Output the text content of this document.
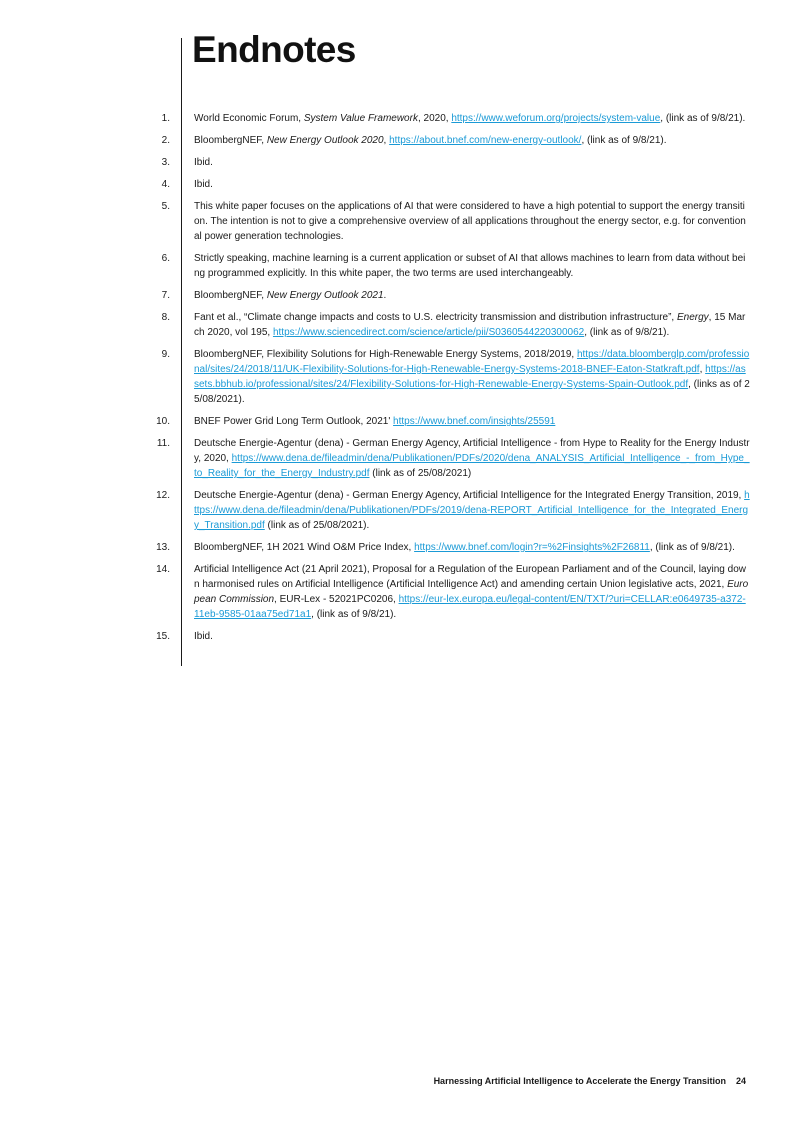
Endnotes
1.	World Economic Forum, System Value Framework, 2020, https://www.weforum.org/projects/system-value, (link as of 9/8/21).
2.	BloombergNEF, New Energy Outlook 2020, https://about.bnef.com/new-energy-outlook/, (link as of 9/8/21).
3.	Ibid.
4.	Ibid.
5.	This white paper focuses on the applications of AI that were considered to have a high potential to support the energy transition. The intention is not to give a comprehensive overview of all applications throughout the energy sector, e.g. for conventional power generation technologies.
6.	Strictly speaking, machine learning is a current application or subset of AI that allows machines to learn from data without being programmed explicitly. In this white paper, the two terms are used interchangeably.
7.	BloombergNEF, New Energy Outlook 2021.
8.	Fant et al., “Climate change impacts and costs to U.S. electricity transmission and distribution infrastructure”, Energy, 15 March 2020, vol 195, https://www.sciencedirect.com/science/article/pii/S0360544220300062, (link as of 9/8/21).
9.	BloombergNEF, Flexibility Solutions for High-Renewable Energy Systems, 2018/2019, https://data.bloomberglp.com/professional/sites/24/2018/11/UK-Flexibility-Solutions-for-High-Renewable-Energy-Systems-2018-BNEF-Eaton-Statkraft.pdf, https://assets.bbhub.io/professional/sites/24/Flexibility-Solutions-for-High-Renewable-Energy-Systems-Spain-Outlook.pdf, (links as of 25/08/2021).
10.	BNEF Power Grid Long Term Outlook, 2021' https://www.bnef.com/insights/25591
11.	Deutsche Energie-Agentur (dena) - German Energy Agency, Artificial Intelligence - from Hype to Reality for the Energy Industry, 2020, https://www.dena.de/fileadmin/dena/Publikationen/PDFs/2020/dena_ANALYSIS_Artificial_Intelligence_-_from_Hype_to_Reality_for_the_Energy_Industry.pdf (link as of 25/08/2021)
12.	Deutsche Energie-Agentur (dena) - German Energy Agency, Artificial Intelligence for the Integrated Energy Transition, 2019, https://www.dena.de/fileadmin/dena/Publikationen/PDFs/2019/dena-REPORT_Artificial_Intelligence_for_the_Integrated_Energy_Transition.pdf (link as of 25/08/2021).
13.	BloombergNEF, 1H 2021 Wind O&M Price Index, https://www.bnef.com/login?r=%2Finsights%2F26811, (link as of 9/8/21).
14.	Artificial Intelligence Act (21 April 2021), Proposal for a Regulation of the European Parliament and of the Council, laying down harmonised rules on Artificial Intelligence (Artificial Intelligence Act) and amending certain Union legislative acts, 2021, European Commission, EUR-Lex - 52021PC0206, https://eur-lex.europa.eu/legal-content/EN/TXT/?uri=CELLAR:e0649735-a372-11eb-9585-01aa75ed71a1, (link as of 9/8/21).
15.	Ibid.
Harnessing Artificial Intelligence to Accelerate the Energy Transition 24
